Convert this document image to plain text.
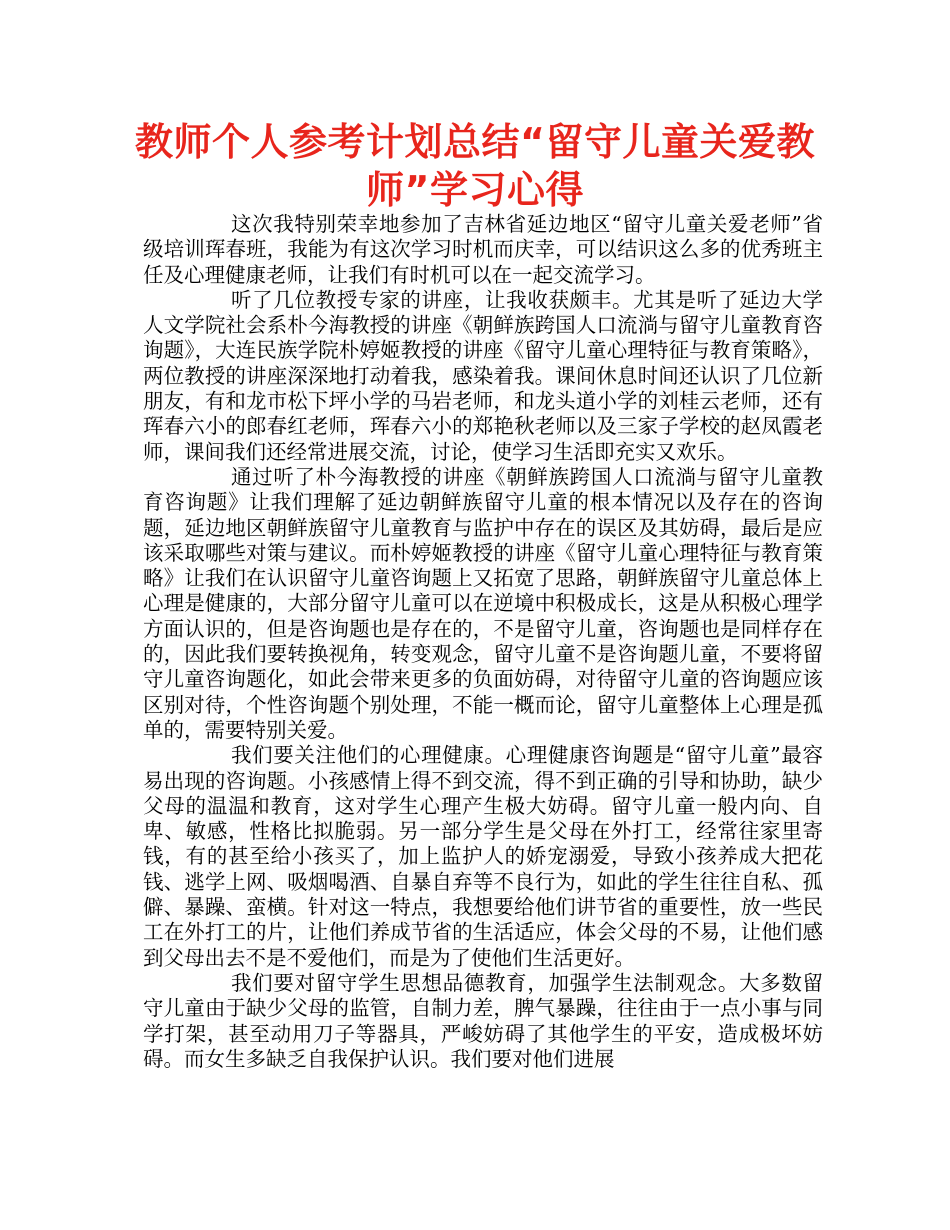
教师个人参考计划总结“留守儿童关爱教师”学习心得

这次我特别荣幸地参加了吉林省延边地区“留守儿童关爱老师”省级培训珲春班，我能为有这次学习时机而庆幸，可以结识这么多的优秀班主任及心理健康老师，让我们有时机可以在一起交流学习。

听了几位教授专家的讲座，让我收获颇丰。尤其是听了延边大学人文学院社会系朴今海教授的讲座《朝鲜族跨国人口流淌与留守儿童教育咨询题》，大连民族学院朴婷姬教授的讲座《留守儿童心理特征与教育策略》，两位教授的讲座深深地打动着我，感染着我。课间休息时间还认识了几位新朋友，有和龙市松下坪小学的马岩老师，和龙头道小学的刘桂云老师，还有珲春六小的郎春红老师，珲春六小的郑艳秋老师以及三家子学校的赵凤霞老师，课间我们还经常进展交流，讨论，使学习生活即充实又欢乐。

通过听了朴今海教授的讲座《朝鲜族跨国人口流淌与留守儿童教育咨询题》让我们理解了延边朝鲜族留守儿童的根本情况以及存在的咨询题，延边地区朝鲜族留守儿童教育与监护中存在的误区及其妨碍，最后是应该采取哪些对策与建议。而朴婷姬教授的讲座《留守儿童心理特征与教育策略》让我们在认识留守儿童咨询题上又拓宽了思路，朝鲜族留守儿童总体上心理是健康的，大部分留守儿童可以在逆境中积极成长，这是从积极心理学方面认识的，但是咨询题也是存在的，不是留守儿童，咨询题也是同样存在的，因此我们要转换视角，转变观念，留守儿童不是咨询题儿童，不要将留守儿童咨询题化，如此会带来更多的负面妨碍，对待留守儿童的咨询题应该区别对待，个性咨询题个别处理，不能一概而论，留守儿童整体上心理是孤单的，需要特别关爱。

我们要关注他们的心理健康。心理健康咨询题是“留守儿童”最容易出现的咨询题。小孩感情上得不到交流，得不到正确的引导和协助，缺少父母的温温和教育，这对学生心理产生极大妨碍。留守儿童一般内向、自卑、敏感，性格比拟脆弱。另一部分学生是父母在外打工，经常往家里寄钱，有的甚至给小孩买了，加上监护人的娇宠溺爱，导致小孩养成大把花钱、逃学上网、吸烟喝酒、自暴自弃等不良行为，如此的学生往往自私、孤僻、暴躁、蛮横。针对这一特点，我想要给他们讲节省的重要性，放一些民工在外打工的片，让他们养成节省的生活适应，体会父母的不易，让他们感到父母出去不是不爱他们，而是为了使他们生活更好。

我们要对留守学生思想品德教育，加强学生法制观念。大多数留守儿童由于缺少父母的监管，自制力差，脾气暴躁，往往由于一点小事与同学打架，甚至动用刀子等器具，严峻妨碍了其他学生的平安，造成极坏妨碍。而女生多缺乏自我保护认识。我们要对他们进展
